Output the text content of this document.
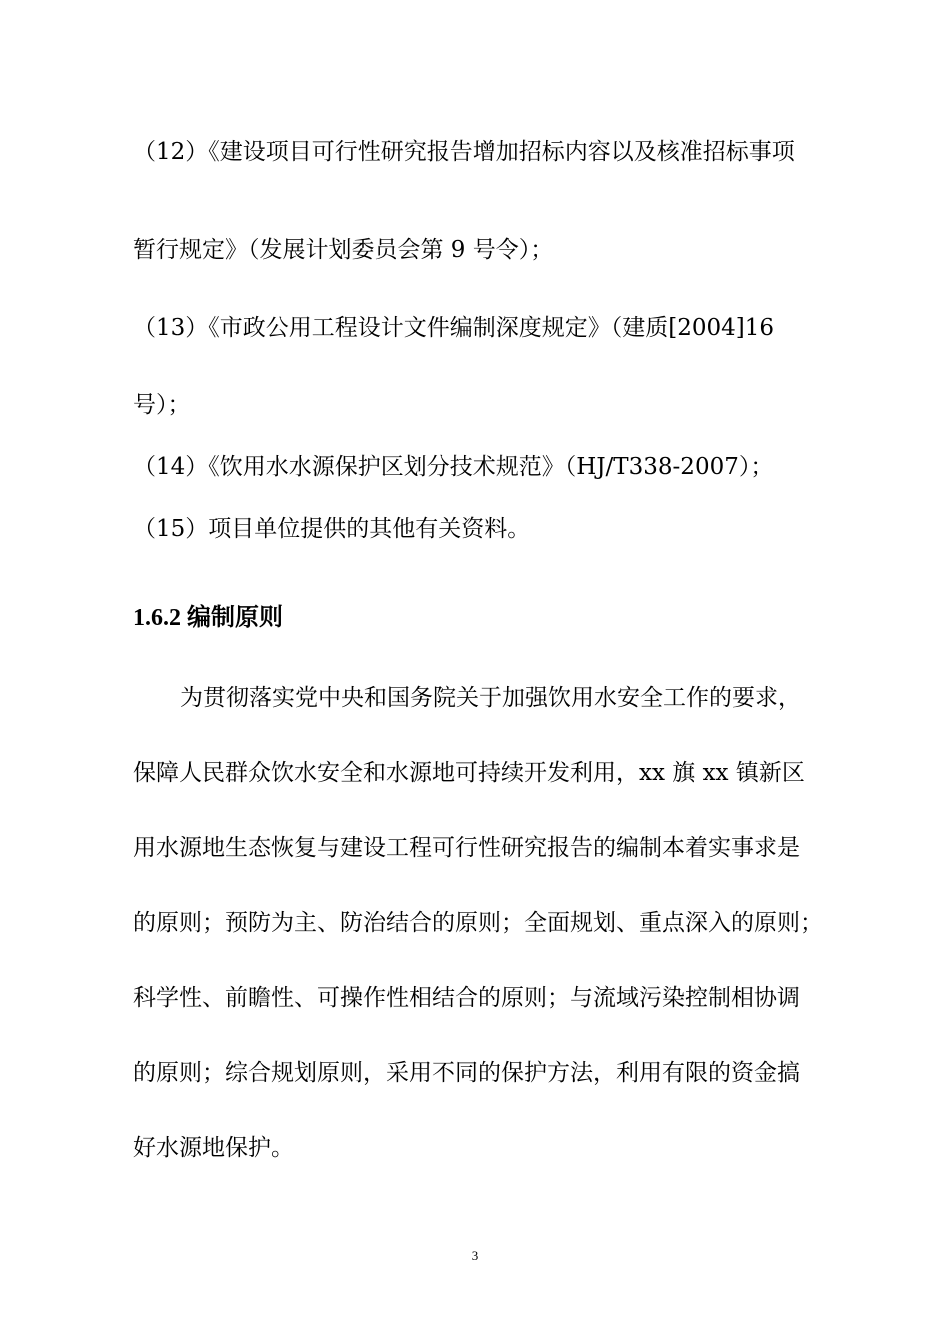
（12）《建设项目可行性研究报告增加招标内容以及核准招标事项

暂行规定》（发展计划委员会第 9 号令）；

（13）《市政公用工程设计文件编制深度规定》（建质[2004]16

号）；

（14）《饮用水水源保护区划分技术规范》（HJ/T338-2007）；

（15）项目单位提供的其他有关资料。

1.6.2 编制原则

为贯彻落实党中央和国务院关于加强饮用水安全工作的要求，

保障人民群众饮水安全和水源地可持续开发利用，xx 旗 xx 镇新区

用水源地生态恢复与建设工程可行性研究报告的编制本着实事求是

的原则；预防为主、防治结合的原则；全面规划、重点深入的原则；

科学性、前瞻性、可操作性相结合的原则；与流域污染控制相协调

的原则；综合规划原则，采用不同的保护方法，利用有限的资金搞

好水源地保护。

3
